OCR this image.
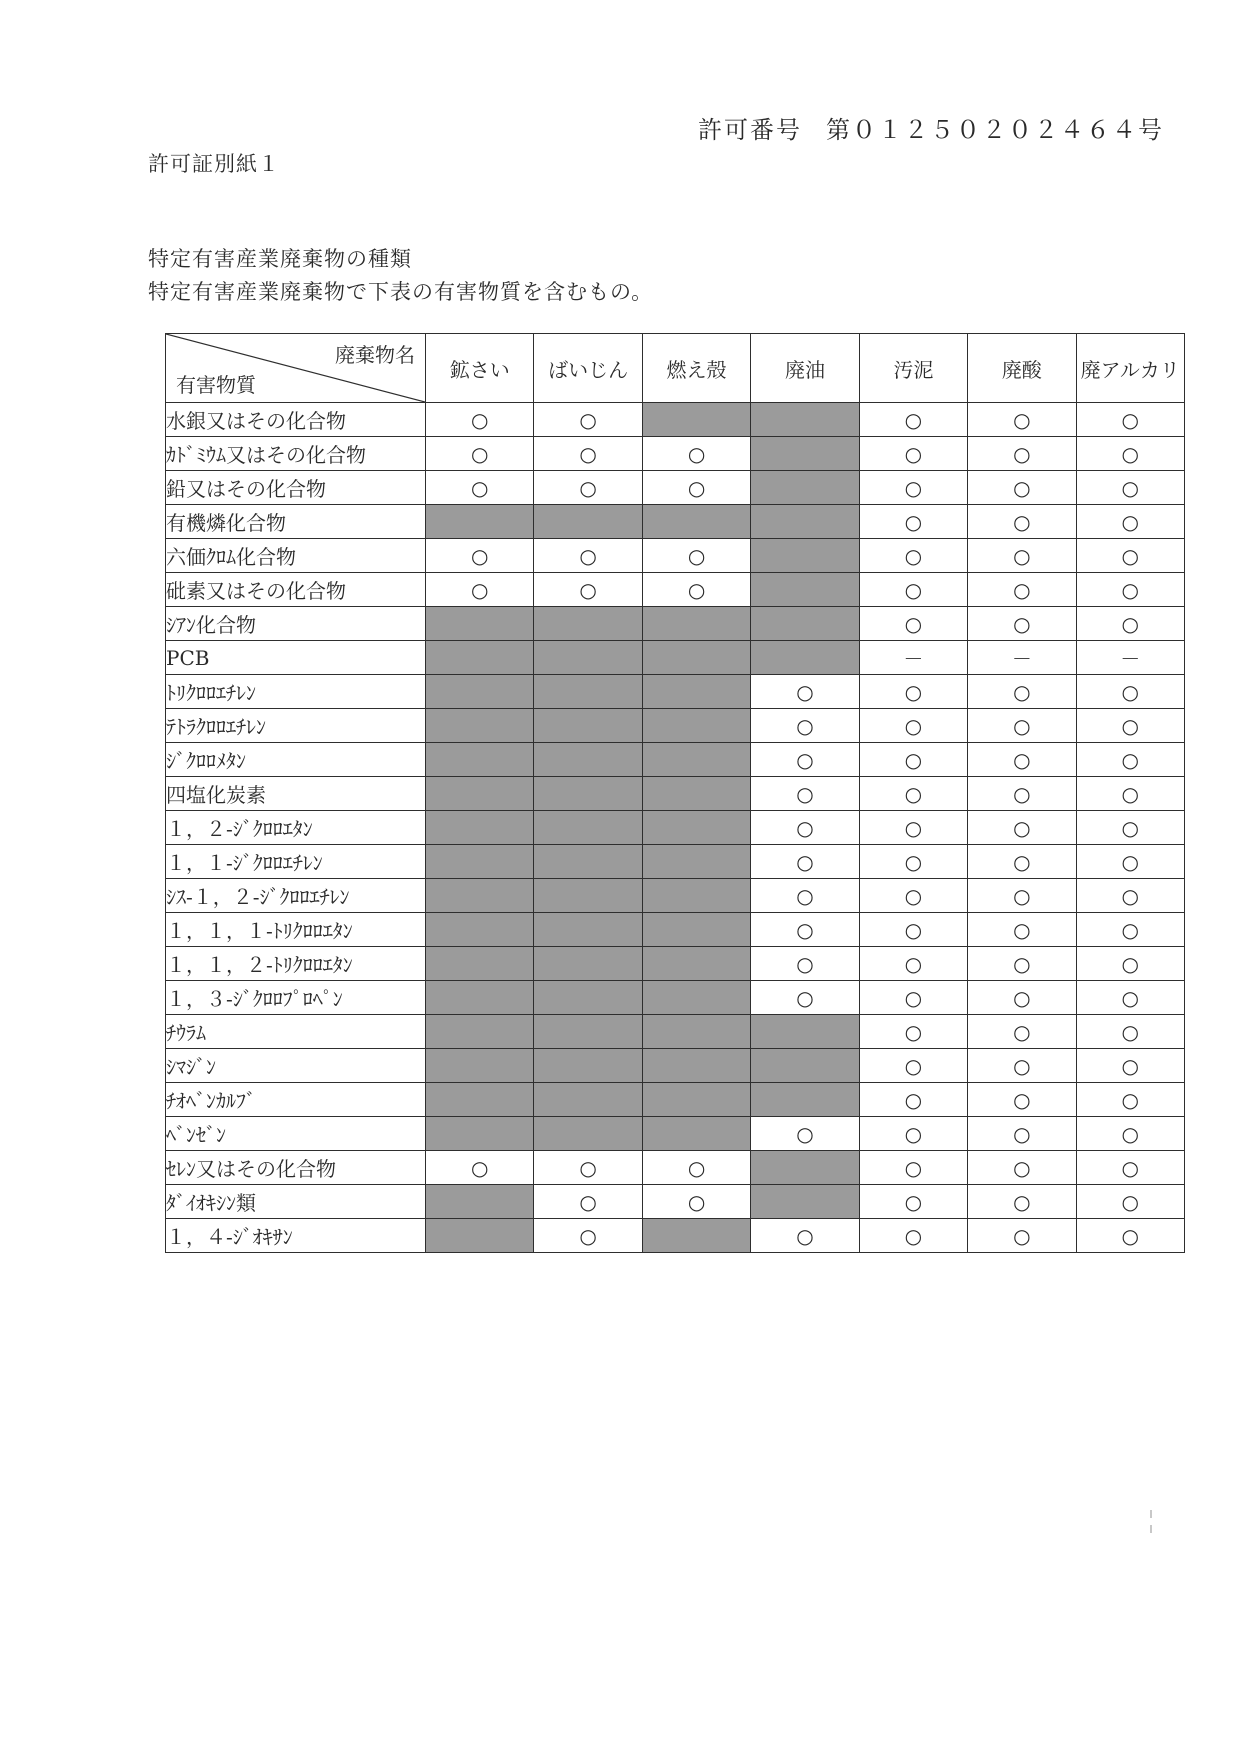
許可番号 第０１２５０２０２４６４号
許可証別紙１
特定有害産業廃棄物の種類
特定有害産業廃棄物で下表の有害物質を含むもの。
廃棄物名
有害物質	鉱さい	ばいじん	燃え殻	廃油	汚泥	廃酸	廃アルカリ
水銀又はその化合物	○	○			○	○	○
ｶﾄﾞﾐｳﾑ又はその化合物	○	○	○		○	○	○
鉛又はその化合物	○	○	○		○	○	○
有機燐化合物					○	○	○
六価ｸﾛﾑ化合物	○	○	○		○	○	○
砒素又はその化合物	○	○	○		○	○	○
ｼｱﾝ化合物					○	○	○
PCB					－	－	－
ﾄﾘｸﾛﾛｴﾁﾚﾝ				○	○	○	○
ﾃﾄﾗｸﾛﾛｴﾁﾚﾝ				○	○	○	○
ｼﾞｸﾛﾛﾒﾀﾝ				○	○	○	○
四塩化炭素				○	○	○	○
１，２-ｼﾞｸﾛﾛｴﾀﾝ				○	○	○	○
１，１-ｼﾞｸﾛﾛｴﾁﾚﾝ				○	○	○	○
ｼｽ-１，２-ｼﾞｸﾛﾛｴﾁﾚﾝ				○	○	○	○
１，１，１-ﾄﾘｸﾛﾛｴﾀﾝ				○	○	○	○
１，１，２-ﾄﾘｸﾛﾛｴﾀﾝ				○	○	○	○
１，３-ｼﾞｸﾛﾛﾌﾟﾛﾍﾟﾝ				○	○	○	○
ﾁｳﾗﾑ					○	○	○
ｼﾏｼﾞﾝ					○	○	○
ﾁｵﾍﾞﾝｶﾙﾌﾞ					○	○	○
ﾍﾞﾝｾﾞﾝ				○	○	○	○
ｾﾚﾝ又はその化合物	○	○	○		○	○	○
ﾀﾞｲｵｷｼﾝ類		○	○		○	○	○
１，４-ｼﾞｵｷｻﾝ		○		○	○	○	○
